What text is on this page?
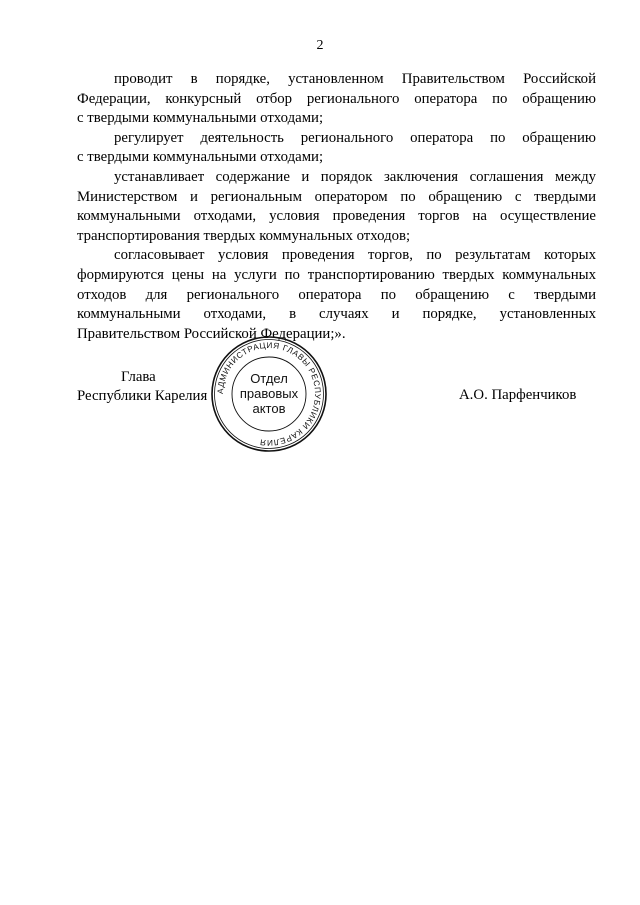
2

проводит в порядке, установленном Правительством Российской
Федерации, конкурсный отбор регионального оператора по обращению
с твердыми коммунальными отходами;

регулирует деятельность регионального оператора по обращению
с твердыми коммунальными отходами;

устанавливает содержание и порядок заключения соглашения между
Министерством и региональным оператором по обращению с твердыми
коммунальными отходами, условия проведения торгов на осуществление
транспортирования твердых коммунальных отходов;

согласовывает условия проведения торгов, по результатам которых
формируются цены на услуги по транспортированию твердых коммунальных
отходов для регионального оператора по обращению с твердыми
коммунальными отходами, в случаях и порядке, установленных
Правительством Российской Федерации;».

Глава
Республики Карелия	А.О. Парфенчиков
АДМИНИСТРАЦИЯ ГЛАВЫ РЕСПУБЛИКИ КАРЕЛИЯ
Отдел
правовых
актов
